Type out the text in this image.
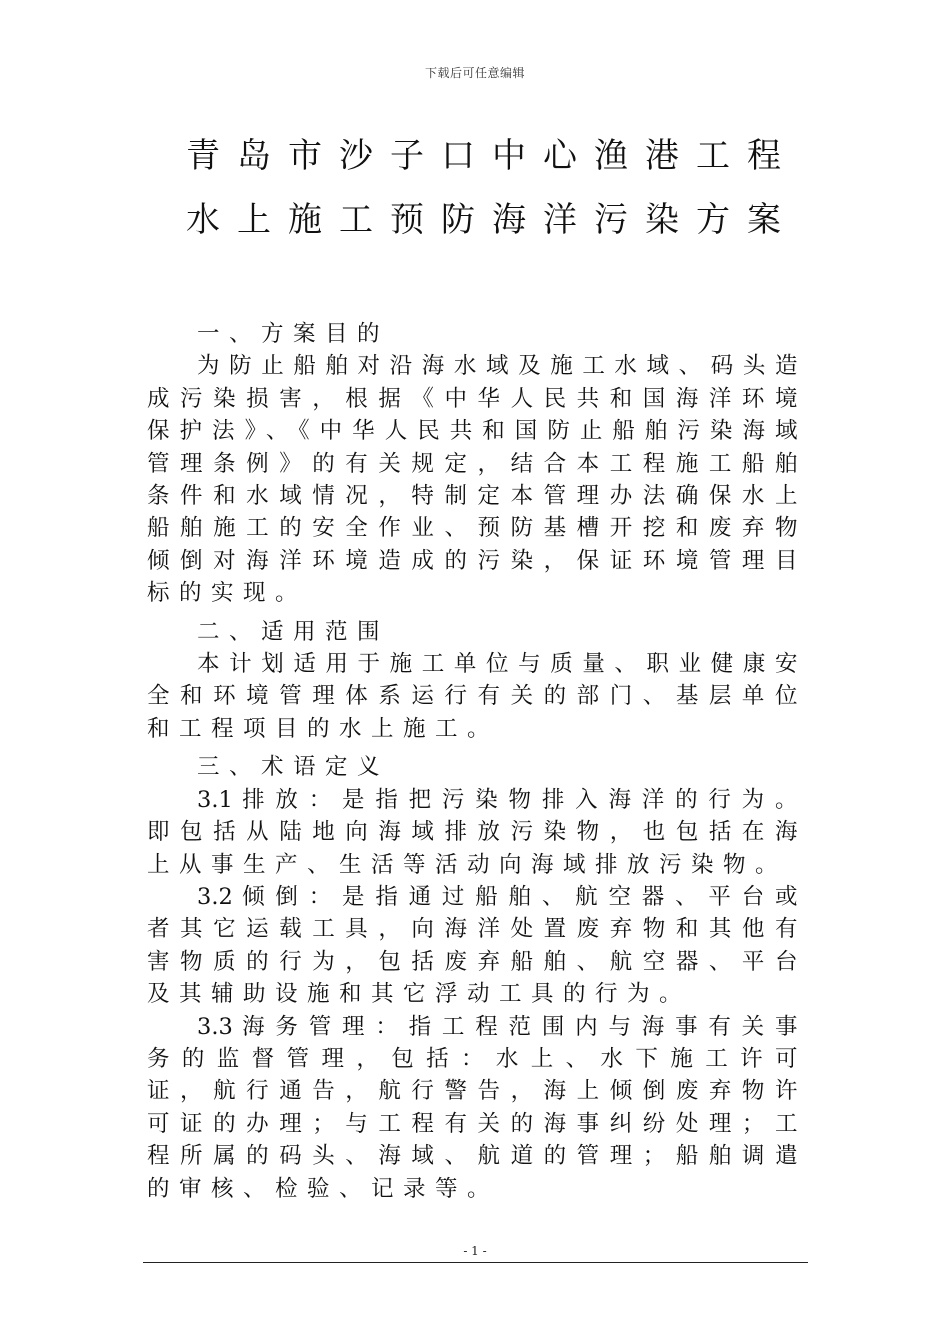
下载后可任意编辑
青岛市沙子口中心渔港工程
水上施工预防海洋污染方案
一、方案目的
为防止船舶对沿海水域及施工水域、码头造成污染损害，根据《中华人民共和国海洋环境保护法》、《中华人民共和国防止船舶污染海域管理条例》的有关规定，结合本工程施工船舶条件和水域情况，特制定本管理办法确保水上船舶施工的安全作业、预防基槽开挖和废弃物倾倒对海洋环境造成的污染，保证环境管理目标的实现。
二、适用范围
本计划适用于施工单位与质量、职业健康安全和环境管理体系运行有关的部门、基层单位和工程项目的水上施工。
三、术语定义
3.1 排放：是指把污染物排入海洋的行为。即包括从陆地向海域排放污染物，也包括在海上从事生产、生活等活动向海域排放污染物。
3.2 倾倒：是指通过船舶、航空器、平台或者其它运载工具，向海洋处置废弃物和其他有害物质的行为，包括废弃船舶、航空器、平台及其辅助设施和其它浮动工具的行为。
3.3 海务管理：指工程范围内与海事有关事务的监督管理，包括：水上、水下施工许可证，航行通告，航行警告，海上倾倒废弃物许可证的办理；与工程有关的海事纠纷处理；工程所属的码头、海域、航道的管理；船舶调遣的审核、检验、记录等。
- 1 -
